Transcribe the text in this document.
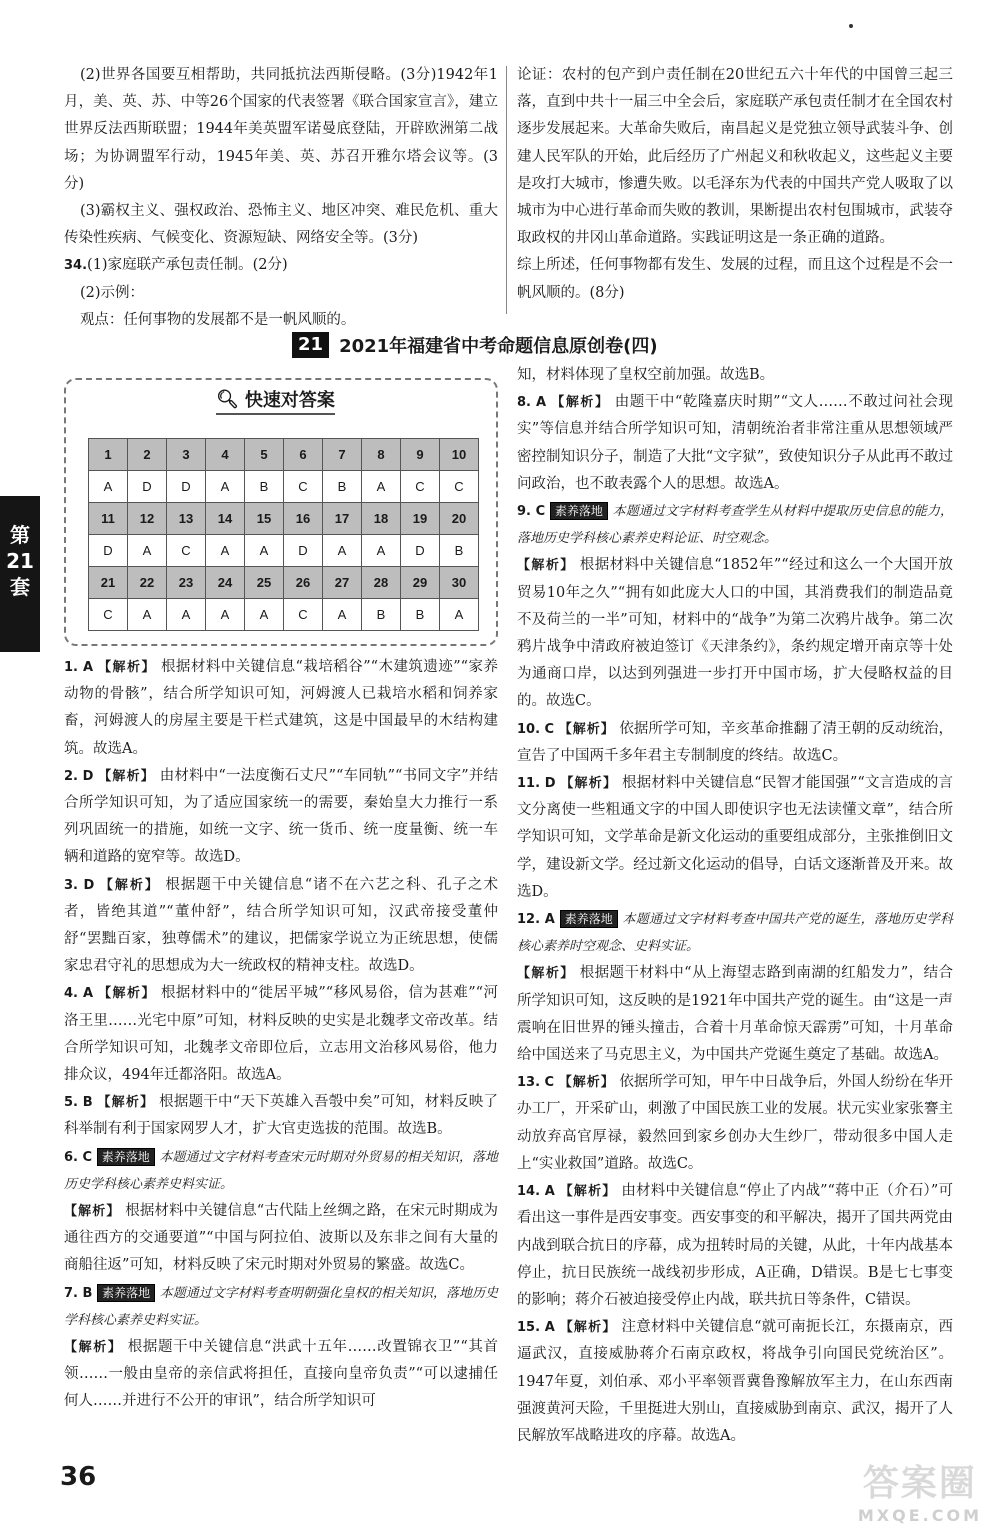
(2)世界各国要互相帮助，共同抵抗法西斯侵略。(3分)1942年1月，美、英、苏、中等26个国家的代表签署《联合国家宣言》，建立世界反法西斯联盟；1944年美英盟军诺曼底登陆，开辟欧洲第二战场；为协调盟军行动，1945年美、英、苏召开雅尔塔会议等。(3分)

(3)霸权主义、强权政治、恐怖主义、地区冲突、难民危机、重大传染性疾病、气候变化、资源短缺、网络安全等。(3分)

34.(1)家庭联产承包责任制。(2分)

(2)示例：

观点：任何事物的发展都不是一帆风顺的。

论证：农村的包产到户责任制在20世纪五六十年代的中国曾三起三落，直到中共十一届三中全会后，家庭联产承包责任制才在全国农村逐步发展起来。大革命失败后，南昌起义是党独立领导武装斗争、创建人民军队的开始，此后经历了广州起义和秋收起义，这些起义主要是攻打大城市，惨遭失败。以毛泽东为代表的中国共产党人吸取了以城市为中心进行革命而失败的教训，果断提出农村包围城市，武装夺取政权的井冈山革命道路。实践证明这是一条正确的道路。

综上所述，任何事物都有发生、发展的过程，而且这个过程是不会一帆风顺的。(8分)

21 2021年福建省中考命题信息原创卷(四)
第
21
套
🔍︎ 快速对答案
1	2	3	4	5	6	7	8	9	10
A	D	D	A	B	C	B	A	C	C
11	12	13	14	15	16	17	18	19	20
D	A	C	A	A	D	A	A	D	B
21	22	23	24	25	26	27	28	29	30
C	A	A	A	A	C	A	B	B	A

1. A 【解析】 根据材料中关键信息“栽培稻谷”“木建筑遗迹”“家养动物的骨骸”，结合所学知识可知，河姆渡人已栽培水稻和饲养家畜，河姆渡人的房屋主要是干栏式建筑，这是中国最早的木结构建筑。故选A。

2. D 【解析】 由材料中“一法度衡石丈尺”“车同轨”“书同文字”并结合所学知识可知，为了适应国家统一的需要，秦始皇大力推行一系列巩固统一的措施，如统一文字、统一货币、统一度量衡、统一车辆和道路的宽窄等。故选D。

3. D 【解析】 根据题干中关键信息“诸不在六艺之科、孔子之术者，皆绝其道”“董仲舒”，结合所学知识可知，汉武帝接受董仲舒“罢黜百家，独尊儒术”的建议，把儒家学说立为正统思想，使儒家忠君守礼的思想成为大一统政权的精神支柱。故选D。

4. A 【解析】 根据材料中的“徙居平城”“移风易俗，信为甚难”“河洛王里……光宅中原”可知，材料反映的史实是北魏孝文帝改革。结合所学知识可知，北魏孝文帝即位后，立志用文治移风易俗，他力排众议，494年迁都洛阳。故选A。

5. B 【解析】 根据题干中“天下英雄入吾彀中矣”可知，材料反映了科举制有利于国家网罗人才，扩大官吏选拔的范围。故选B。

6. C 素养落地 本题通过文字材料考查宋元时期对外贸易的相关知识，落地历史学科核心素养史料实证。

【解析】 根据材料中关键信息“古代陆上丝绸之路，在宋元时期成为通往西方的交通要道”“中国与阿拉伯、波斯以及东非之间有大量的商船往返”可知，材料反映了宋元时期对外贸易的繁盛。故选C。

7. B 素养落地 本题通过文字材料考查明朝强化皇权的相关知识，落地历史学科核心素养史料实证。

【解析】 根据题干中关键信息“洪武十五年……改置锦衣卫”“其首领……一般由皇帝的亲信武将担任，直接向皇帝负责”“可以逮捕任何人……并进行不公开的审讯”，结合所学知识可

知，材料体现了皇权空前加强。故选B。

8. A 【解析】 由题干中“乾隆嘉庆时期”“文人……不敢过问社会现实”等信息并结合所学知识可知，清朝统治者非常注重从思想领域严密控制知识分子，制造了大批“文字狱”，致使知识分子从此再不敢过问政治，也不敢表露个人的思想。故选A。

9. C 素养落地 本题通过文字材料考查学生从材料中提取历史信息的能力，落地历史学科核心素养史料论证、时空观念。

【解析】 根据材料中关键信息“1852年”“经过和这么一个大国开放贸易10年之久”“拥有如此庞大人口的中国，其消费我们的制造品竟不及荷兰的一半”可知，材料中的“战争”为第二次鸦片战争。第二次鸦片战争中清政府被迫签订《天津条约》，条约规定增开南京等十处为通商口岸，以达到列强进一步打开中国市场，扩大侵略权益的目的。故选C。

10. C 【解析】 依据所学可知，辛亥革命推翻了清王朝的反动统治，宣告了中国两千多年君主专制制度的终结。故选C。

11. D 【解析】 根据材料中关键信息“民智才能国强”“文言造成的言文分离使一些粗通文字的中国人即使识字也无法读懂文章”，结合所学知识可知，文学革命是新文化运动的重要组成部分，主张推倒旧文学，建设新文学。经过新文化运动的倡导，白话文逐渐普及开来。故选D。

12. A 素养落地 本题通过文字材料考查中国共产党的诞生，落地历史学科核心素养时空观念、史料实证。

【解析】 根据题干材料中“从上海望志路到南湖的红船发力”，结合所学知识可知，这反映的是1921年中国共产党的诞生。由“这是一声震响在旧世界的锤头撞击，合着十月革命惊天霹雳”可知，十月革命给中国送来了马克思主义，为中国共产党诞生奠定了基础。故选A。

13. C 【解析】 依据所学可知，甲午中日战争后，外国人纷纷在华开办工厂，开采矿山，刺激了中国民族工业的发展。状元实业家张謇主动放弃高官厚禄，毅然回到家乡创办大生纱厂，带动很多中国人走上“实业救国”道路。故选C。

14. A 【解析】 由材料中关键信息“停止了内战”“蒋中正（介石）”可看出这一事件是西安事变。西安事变的和平解决，揭开了国共两党由内战到联合抗日的序幕，成为扭转时局的关键，从此，十年内战基本停止，抗日民族统一战线初步形成，A正确，D错误。B是七七事变的影响；蒋介石被迫接受停止内战，联共抗日等条件，C错误。

15. A 【解析】 注意材料中关键信息“就可南扼长江，东摄南京，西逼武汉，直接威胁蒋介石南京政权，将战争引向国民党统治区”。1947年夏，刘伯承、邓小平率领晋冀鲁豫解放军主力，在山东西南强渡黄河天险，千里挺进大别山，直接威胁到南京、武汉，揭开了人民解放军战略进攻的序幕。故选A。

36	答案圈
MXQE.COM
